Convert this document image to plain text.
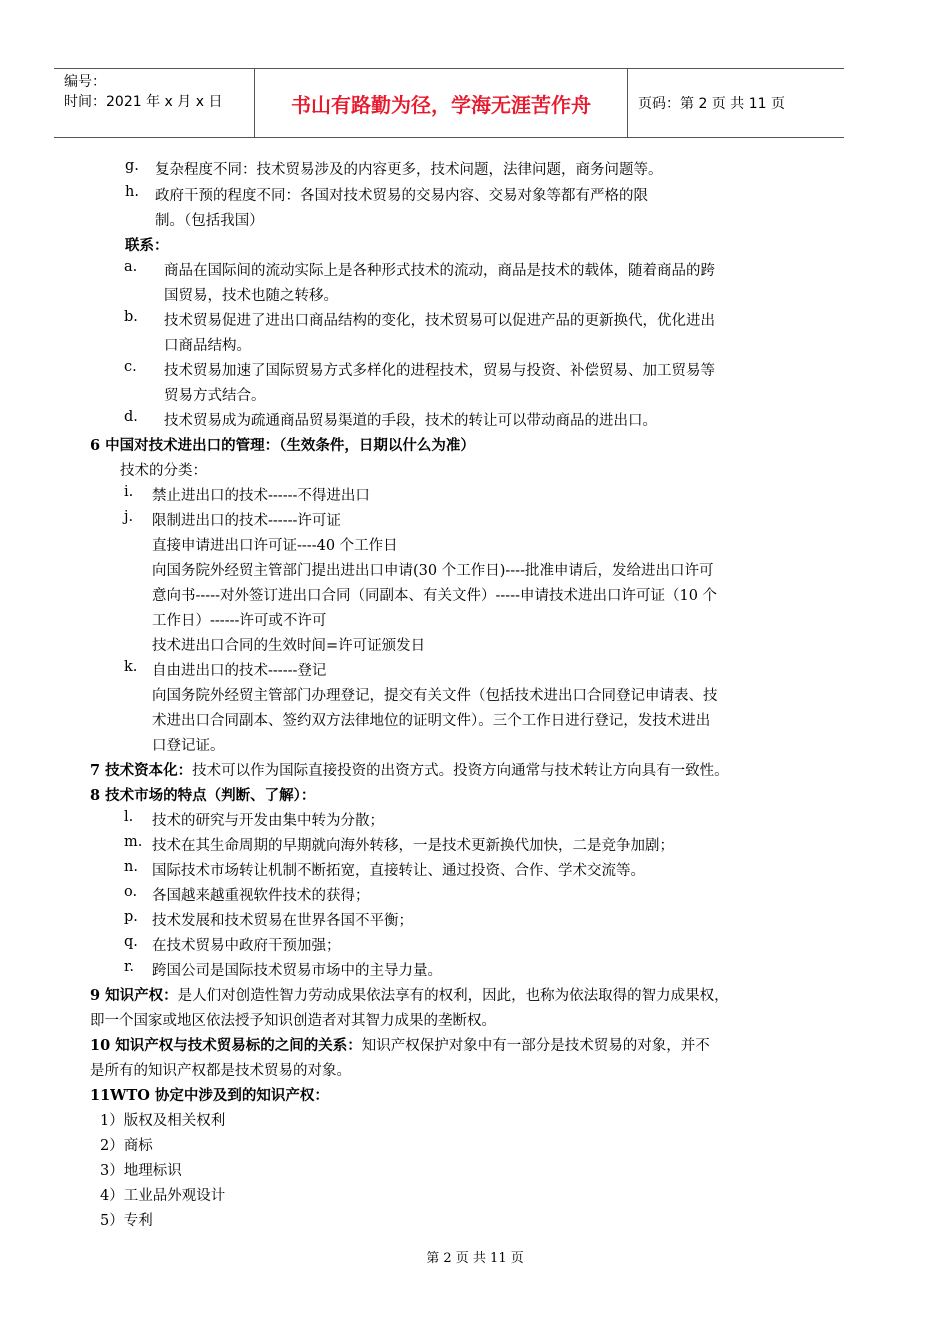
编号：
时间：2021 年 x 月 x 日	书山有路勤为径，学海无涯苦作舟	页码：第 2 页 共 11 页
g. 复杂程度不同：技术贸易涉及的内容更多，技术问题，法律问题，商务问题等。
h. 政府干预的程度不同：各国对技术贸易的交易内容、交易对象等都有严格的限
制。（包括我国）
联系：
a. 商品在国际间的流动实际上是各种形式技术的流动，商品是技术的载体，随着商品的跨
国贸易，技术也随之转移。
b. 技术贸易促进了进出口商品结构的变化，技术贸易可以促进产品的更新换代，优化进出
口商品结构。
c. 技术贸易加速了国际贸易方式多样化的进程技术，贸易与投资、补偿贸易、加工贸易等
贸易方式结合。
d. 技术贸易成为疏通商品贸易渠道的手段，技术的转让可以带动商品的进出口。
6 中国对技术进出口的管理：（生效条件，日期以什么为准）
技术的分类：
i. 禁止进出口的技术------不得进出口
j. 限制进出口的技术------许可证
直接申请进出口许可证----40 个工作日
向国务院外经贸主管部门提出进出口申请(30 个工作日)----批准申请后，发给进出口许可
意向书-----对外签订进出口合同（同副本、有关文件）-----申请技术进出口许可证（10 个
工作日）------许可或不许可
技术进出口合同的生效时间=许可证颁发日
k. 自由进出口的技术------登记
向国务院外经贸主管部门办理登记，提交有关文件（包括技术进出口合同登记申请表、技
术进出口合同副本、签约双方法律地位的证明文件）。三个工作日进行登记，发技术进出
口登记证。
7 技术资本化：技术可以作为国际直接投资的出资方式。投资方向通常与技术转让方向具有一致性。
8 技术市场的特点（判断、了解）：
l. 技术的研究与开发由集中转为分散；
m. 技术在其生命周期的早期就向海外转移，一是技术更新换代加快，二是竞争加剧；
n. 国际技术市场转让机制不断拓宽，直接转让、通过投资、合作、学术交流等。
o. 各国越来越重视软件技术的获得；
p. 技术发展和技术贸易在世界各国不平衡；
q. 在技术贸易中政府干预加强；
r. 跨国公司是国际技术贸易市场中的主导力量。
9 知识产权：是人们对创造性智力劳动成果依法享有的权利，因此，也称为依法取得的智力成果权，
即一个国家或地区依法授予知识创造者对其智力成果的垄断权。
10 知识产权与技术贸易标的之间的关系：知识产权保护对象中有一部分是技术贸易的对象，并不
是所有的知识产权都是技术贸易的对象。
11WTO 协定中涉及到的知识产权：
1）版权及相关权利
2）商标
3）地理标识
4）工业品外观设计
5）专利
第 2 页 共 11 页
